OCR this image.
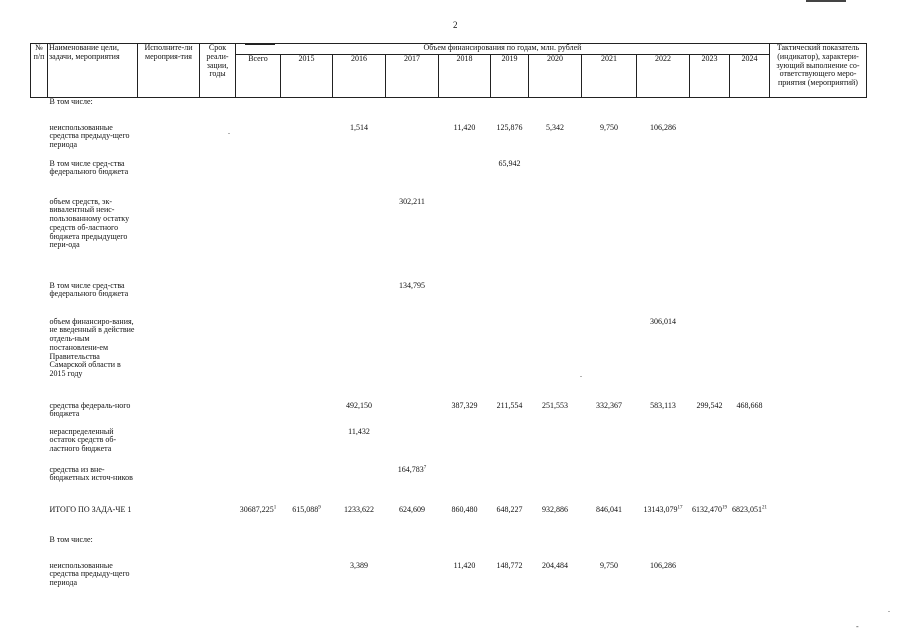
2
№ п/п	Наименование цели, задачи, мероприятия	Исполните-ли мероприя-тия	Срок реали-зации, годы	Объем финансирования по годам, млн. рублей											Тактический показатель (индикатор), характери-зующий выполнение со-ответствующего меро-приятия (мероприятий)
				Всего	2015	2016	2017	2018	2019	2020	2021	2022	2023	2024	
	В том числе:														
	неиспользованные средства предыду-щего периода					1,514		11,420	125,876	5,342	9,750	106,286			
	В том числе сред-ства федерального бюджета								65,942						
	объем средств, эк-вивалентный неис-пользованному остатку средств об-ластного бюджета предыдущего пери-ода						302,211								
	В том числе сред-ства федерального бюджета						134,795								
	объем финансиро-вания, не введенный в действие отдель-ным постановлени-ем Правительства Самарской области в 2015 году											306,014			
	средства федераль-ного бюджета					492,150		387,329	211,554	251,553	332,367	583,113	299,542	468,668	
	нераспределенный остаток средств об-ластного бюджета					11,432									
	средства из вне-бюджетных источ-ников						164,783$^7$								
	ИТОГО ПО ЗАДА-ЧЕ 1			30687,225$^1$	615,088$^9$	1233,622	624,609	860,480	648,227	932,886	846,041	13143,079$^{17}$	6132,470$^{19}$	6823,051$^{21}$	
	В том числе:														
	неиспользованные средства предыду-щего периода					3,389		11,420	148,772	204,484	9,750	106,286			
.
.
.
-
